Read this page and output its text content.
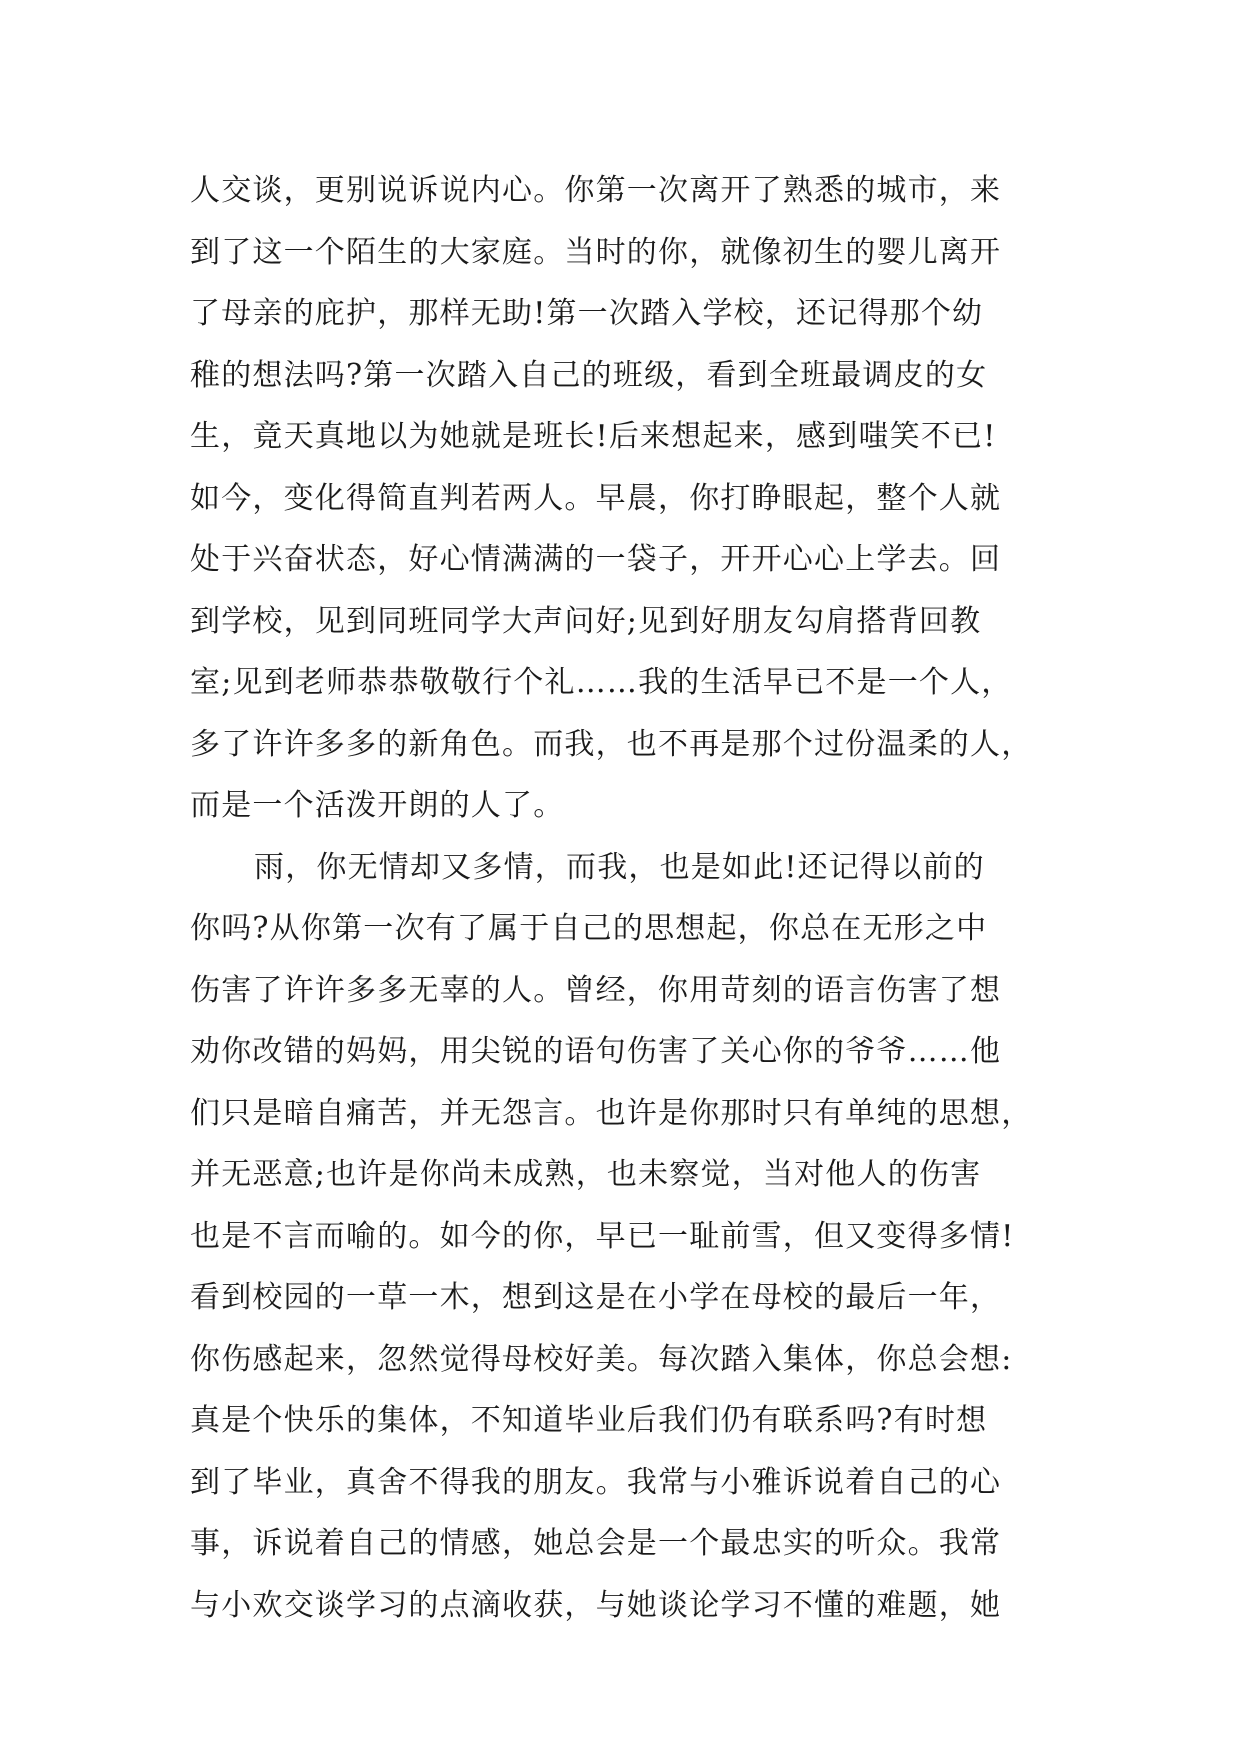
人交谈，更别说诉说内心。你第一次离开了熟悉的城市，来
到了这一个陌生的大家庭。当时的你，就像初生的婴儿离开
了母亲的庇护，那样无助!第一次踏入学校，还记得那个幼
稚的想法吗?第一次踏入自己的班级，看到全班最调皮的女
生，竟天真地以为她就是班长!后来想起来，感到嗤笑不已!
如今，变化得简直判若两人。早晨，你打睁眼起，整个人就
处于兴奋状态，好心情满满的一袋子，开开心心上学去。回
到学校，见到同班同学大声问好;见到好朋友勾肩搭背回教
室;见到老师恭恭敬敬行个礼……我的生活早已不是一个人，
多了许许多多的新角色。而我，也不再是那个过份温柔的人，
而是一个活泼开朗的人了。
雨，你无情却又多情，而我，也是如此!还记得以前的
你吗?从你第一次有了属于自己的思想起，你总在无形之中
伤害了许许多多无辜的人。曾经，你用苛刻的语言伤害了想
劝你改错的妈妈，用尖锐的语句伤害了关心你的爷爷……他
们只是暗自痛苦，并无怨言。也许是你那时只有单纯的思想，
并无恶意;也许是你尚未成熟，也未察觉，当对他人的伤害
也是不言而喻的。如今的你，早已一耻前雪，但又变得多情!
看到校园的一草一木，想到这是在小学在母校的最后一年，
你伤感起来，忽然觉得母校好美。每次踏入集体，你总会想:
真是个快乐的集体，不知道毕业后我们仍有联系吗?有时想
到了毕业，真舍不得我的朋友。我常与小雅诉说着自己的心
事，诉说着自己的情感，她总会是一个最忠实的听众。我常
与小欢交谈学习的点滴收获，与她谈论学习不懂的难题，她
